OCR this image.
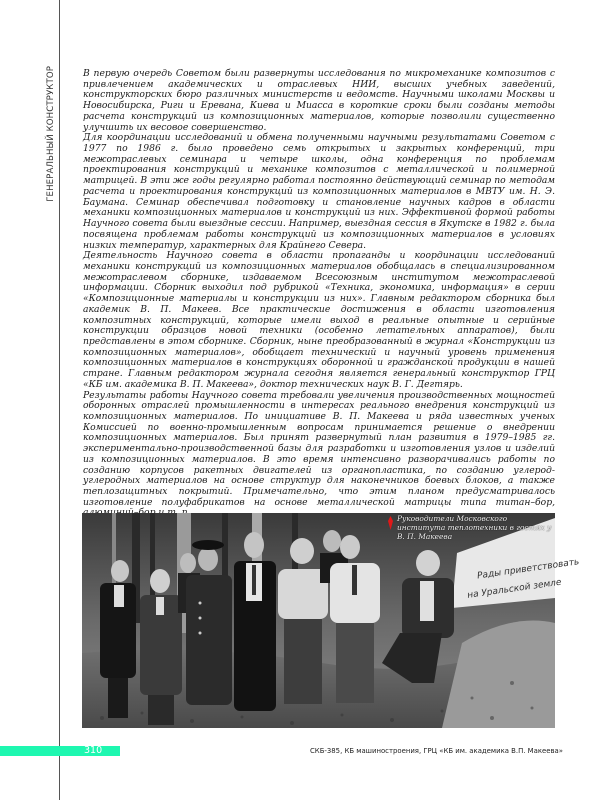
ГЕНЕРАЛЬНЫЙ КОНСТРУКТОР	В первую очередь Советом были развернуты исследования по микромеханике композитов с привлечением академических и отраслевых НИИ, высших учебных заведений, конструкторских бюро различных министерств и ведомств. Научными школами Москвы и Новосибирска, Риги и Еревана, Киева и Миасса в короткие сроки были созданы методы расчета конструкций из композиционных материалов, которые позволили существенно улучшить их весовое совершенство.

Для координации исследований и обмена полученными научными результатами Советом с 1977 по 1986 г. было проведено семь открытых и закрытых конференций, три межотраслевых семинара и четыре школы, одна конференция по проблемам проектирования конструкций и механике композитов с металлической и полимерной матрицей. В эти же годы регулярно работал постоянно действующий семинар по методам расчета и проектирования конструкций из композиционных материалов в МВТУ им. Н. Э. Баумана. Семинар обеспечивал подготовку и становление научных кадров в области механики композиционных материалов и конструкций из них. Эффективной формой работы Научного совета были выездные сессии. Например, выездная сессия в Якутске в 1982 г. была посвящена проблемам работы конструкций из композиционных материалов в условиях низких температур, характерных для Крайнего Севера.

Деятельность Научного совета в области пропаганды и координации исследований механики конструкций из композиционных материалов обобщалась в специализированном межотраслевом сборнике, издаваемом Всесоюзным институтом межотраслевой информации. Сборник выходил под рубрикой «Техника, экономика, информация» в серии «Композиционные материалы и конструкции из них». Главным редактором сборника был академик В. П. Макеев. Все практические достижения в области изготовления композитных конструкций, которые имели выход в реальные опытные и серийные конструкции образцов новой техники (особенно летательных аппаратов), были представлены в этом сборнике. Сборник, ныне преобразованный в журнал «Конструкции из композиционных материалов», обобщает технический и научный уровень применения композиционных материалов в конструкциях оборонной и гражданской продукции в нашей стране. Главным редактором журнала сегодня является генеральный конструктор ГРЦ «КБ им. академика В. П. Макеева», доктор технических наук В. Г. Дегтярь.

Результаты работы Научного совета требовали увеличения производственных мощностей оборонных отраслей промышленности в интересах реального внедрения конструкций из композиционных материалов. По инициативе В. П. Макеева и ряда известных ученых Комиссией по военно-промышленным вопросам принимается решение о внедрении композиционных материалов. Был принят развернутый план развития в 1979–1985 гг. экспериментально-производственной базы для разработки и изготовления узлов и изделий из композиционных материалов. В это время интенсивно разворачивались работы по созданию корпусов ракетных двигателей из органопластика, по созданию углерод-углеродных материалов на основе структур для наконечников боевых блоков, а также теплозащитных покрытий. Примечательно, что этим планом предусматривалось изготовление полуфабрикатов на основе металлической матрицы типа титан–бор,

Рады приветствовать
на Уральской земле
Руководители Московского института теплотехники в гостях у В. П. Макеева
310	СКБ-385, КБ машиностроения, ГРЦ «КБ им. академика В.П. Макеева»
